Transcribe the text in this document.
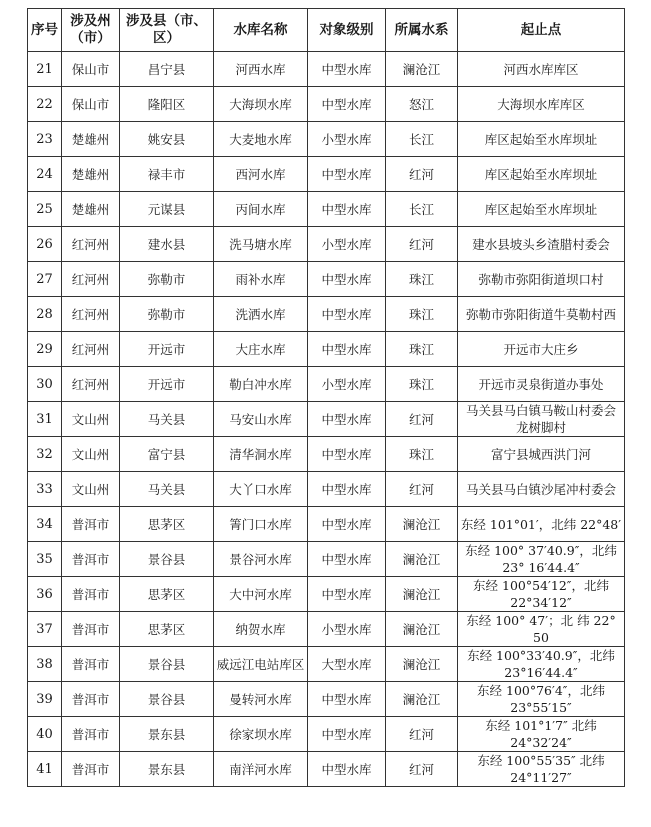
序号	涉及州（市）	涉及县（市、区）	水库名称	对象级别	所属水系	起止点
21	保山市	昌宁县	河西水库	中型水库	澜沧江	河西水库库区
22	保山市	隆阳区	大海坝水库	中型水库	怒江	大海坝水库库区
23	楚雄州	姚安县	大麦地水库	小型水库	长江	库区起始至水库坝址
24	楚雄州	禄丰市	西河水库	中型水库	红河	库区起始至水库坝址
25	楚雄州	元谋县	丙间水库	中型水库	长江	库区起始至水库坝址
26	红河州	建水县	洗马塘水库	小型水库	红河	建水县坡头乡渣腊村委会
27	红河州	弥勒市	雨补水库	中型水库	珠江	弥勒市弥阳街道坝口村
28	红河州	弥勒市	洗洒水库	中型水库	珠江	弥勒市弥阳街道牛莫勒村西
29	红河州	开远市	大庄水库	中型水库	珠江	开远市大庄乡
30	红河州	开远市	勒白冲水库	小型水库	珠江	开远市灵泉街道办事处
31	文山州	马关县	马安山水库	中型水库	红河	马关县马白镇马鞍山村委会龙树脚村
32	文山州	富宁县	清华洞水库	中型水库	珠江	富宁县城西洪门河
33	文山州	马关县	大丫口水库	中型水库	红河	马关县马白镇沙尾冲村委会
34	普洱市	思茅区	箐门口水库	中型水库	澜沧江	东经 101°01′，北纬 22°48′
35	普洱市	景谷县	景谷河水库	中型水库	澜沧江	东经 100° 37′40.9″，北纬 23° 16′44.4″
36	普洱市	思茅区	大中河水库	中型水库	澜沧江	东经 100°54′12″，北纬 22°34′12″
37	普洱市	思茅区	纳贺水库	小型水库	澜沧江	东经 100° 47′；北 纬 22° 50
38	普洱市	景谷县	威远江电站库区	大型水库	澜沧江	东经 100°33′40.9″，北纬 23°16′44.4″
39	普洱市	景谷县	曼转河水库	中型水库	澜沧江	东经 100°76′4″，北纬 23°55′15″
40	普洱市	景东县	徐家坝水库	中型水库	红河	东经 101°1′7″ 北纬 24°32′24″
41	普洱市	景东县	南洋河水库	中型水库	红河	东经 100°55′35″ 北纬 24°11′27″
